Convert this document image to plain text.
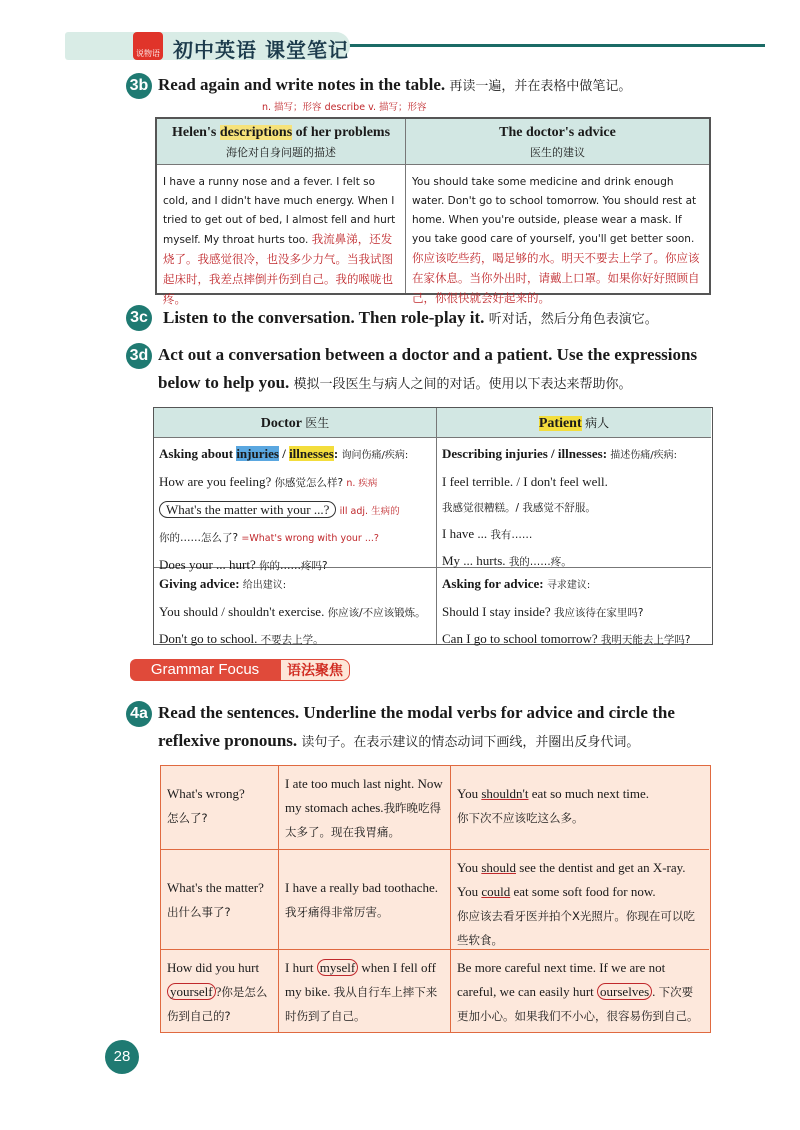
说物语 初中英语 课堂笔记
3b Read again and write notes in the table. 再读一遍，并在表格中做笔记。
n. 描写；形容 describe v. 描写；形容
Helen's descriptions of her problems
海伦对自身问题的描述
I have a runny nose and a fever. I felt so cold, and I didn't have much energy. When I tried to get out of bed, I almost fell and hurt myself. My throat hurts too. 我流鼻涕，还发烧了。我感觉很冷，也没多少力气。当我试图起床时，我差点摔倒并伤到自己。我的喉咙也疼。
The doctor's advice
医生的建议
You should take some medicine and drink enough water. Don't go to school tomorrow. You should rest at home. When you're outside, please wear a mask. If you take good care of yourself, you'll get better soon. 你应该吃些药，喝足够的水。明天不要去上学了。你应该在家休息。当你外出时，请戴上口罩。如果你好好照顾自己，你很快就会好起来的。
3c Listen to the conversation. Then role-play it. 听对话，然后分角色表演它。
3d Act out a conversation between a doctor and a patient. Use the expressions
below to help you. 模拟一段医生与病人之间的对话。使用以下表达来帮助你。
Doctor 医生	Patient 病人
Asking about injuries / illnesses: 询问伤痛/疾病:
How are you feeling? 你感觉怎么样? n. 疾病
What's the matter with your ...? ill adj. 生病的
你的……怎么了? =What's wrong with your ...?
Does your ... hurt? 你的……疼吗?
Describing injuries / illnesses: 描述伤痛/疾病:
I feel terrible. / I don't feel well.
我感觉很糟糕。/ 我感觉不舒服。
I have ... 我有……
My ... hurts. 我的……疼。
Giving advice: 给出建议:
You should / shouldn't exercise. 你应该/不应该锻炼。
Don't go to school. 不要去上学。
Asking for advice: 寻求建议:
Should I stay inside? 我应该待在家里吗?
Can I go to school tomorrow? 我明天能去上学吗?
Grammar Focus	语法聚焦
4a Read the sentences. Underline the modal verbs for advice and circle the
reflexive pronouns. 读句子。在表示建议的情态动词下画线，并圈出反身代词。
What's wrong?
怎么了?
I ate too much last night. Now my stomach aches.我昨晚吃得太多了。现在我胃痛。
You shouldn't eat so much next time.
你下次不应该吃这么多。
What's the matter?
出什么事了?
I have a really bad toothache.
我牙痛得非常厉害。
You should see the dentist and get an X-ray.
You could eat some soft food for now.
你应该去看牙医并拍个X光照片。你现在可以吃些软食。
How did you hurt
yourself ?你是怎么伤到自己的?
I hurt myself when I fell off my bike. 我从自行车上摔下来时伤到了自己。
Be more careful next time. If we are not careful, we can easily hurt ourselves . 下次要更加小心。如果我们不小心，很容易伤到自己。
28
